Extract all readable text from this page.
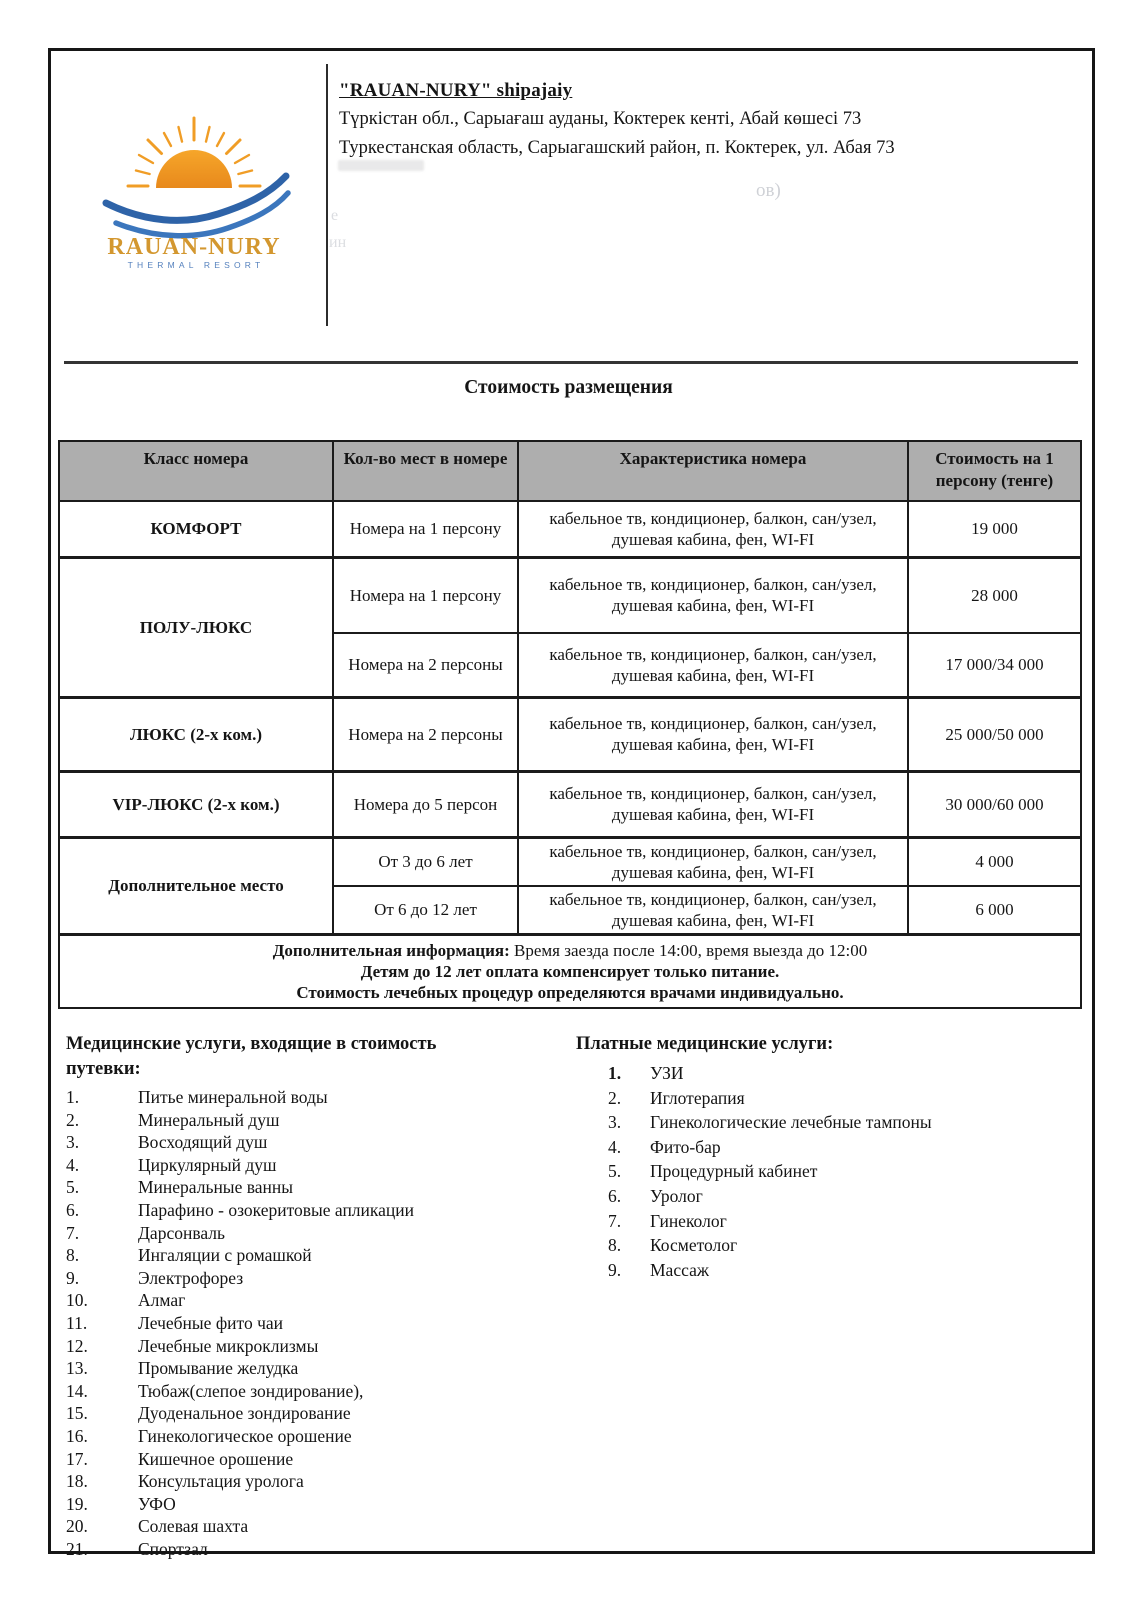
RAUAN-NURY
THERMAL RESORT
"RAUAN-NURY" shipajaiy
Түркістан обл., Сарыағаш ауданы, Коктерек кенті, Абай көшесі 73
Туркестанская область, Сарыагашский район, п. Коктерек, ул. Абая 73
ов)
е
ин
Стоимость размещения
Класс номера	Кол-во мест в номере	Характеристика номера	Стоимость на 1 персону (тенге)
КОМФОРТ	Номера на 1 персону	кабельное тв, кондиционер, балкон, сан/узел, душевая кабина, фен, WI-FI	19 000
ПОЛУ-ЛЮКС	Номера на 1 персону	кабельное тв, кондиционер, балкон, сан/узел, душевая кабина, фен, WI-FI	28 000
	Номера на 2 персоны	кабельное тв, кондиционер, балкон, сан/узел, душевая кабина, фен, WI-FI	17 000/34 000
ЛЮКС (2-х ком.)	Номера на 2 персоны	кабельное тв, кондиционер, балкон, сан/узел, душевая кабина, фен, WI-FI	25 000/50 000
VIP-ЛЮКС (2-х ком.)	Номера до 5 персон	кабельное тв, кондиционер, балкон, сан/узел, душевая кабина, фен, WI-FI	30 000/60 000
Дополнительное место	От 3 до 6 лет	кабельное тв, кондиционер, балкон, сан/узел, душевая кабина, фен, WI-FI	4 000
	От 6 до 12 лет	кабельное тв, кондиционер, балкон, сан/узел, душевая кабина, фен, WI-FI	6 000

Дополнительная информация: Время заезда после 14:00, время выезда до 12:00
Детям до 12 лет оплата компенсирует только питание.
Стоимость лечебных процедур определяются врачами индивидуально.			
Медицинские услуги, входящие в стоимость путевки:
1.	Питье минеральной воды
2.	Минеральный душ
3.	Восходящий душ
4.	Циркулярный душ
5.	Минеральные ванны
6.	Парафино - озокеритовые апликации
7.	Дарсонваль
8.	Ингаляции с ромашкой
9.	Электрофорез
10.	Алмаг
11.	Лечебные фито чаи
12.	Лечебные микроклизмы
13.	Промывание желудка
14.	Тюбаж(слепое зондирование),
15.	Дуоденальное зондирование
16.	Гинекологическое орошение
17.	Кишечное орошение
18.	Консультация уролога
19.	УФО
20.	Солевая шахта
21.	Спортзал
Платные медицинские услуги:
1.	УЗИ
2.	Иглотерапия
3.	Гинекологические лечебные тампоны
4.	Фито-бар
5.	Процедурный кабинет
6.	Уролог
7.	Гинеколог
8.	Косметолог
9.	Массаж
